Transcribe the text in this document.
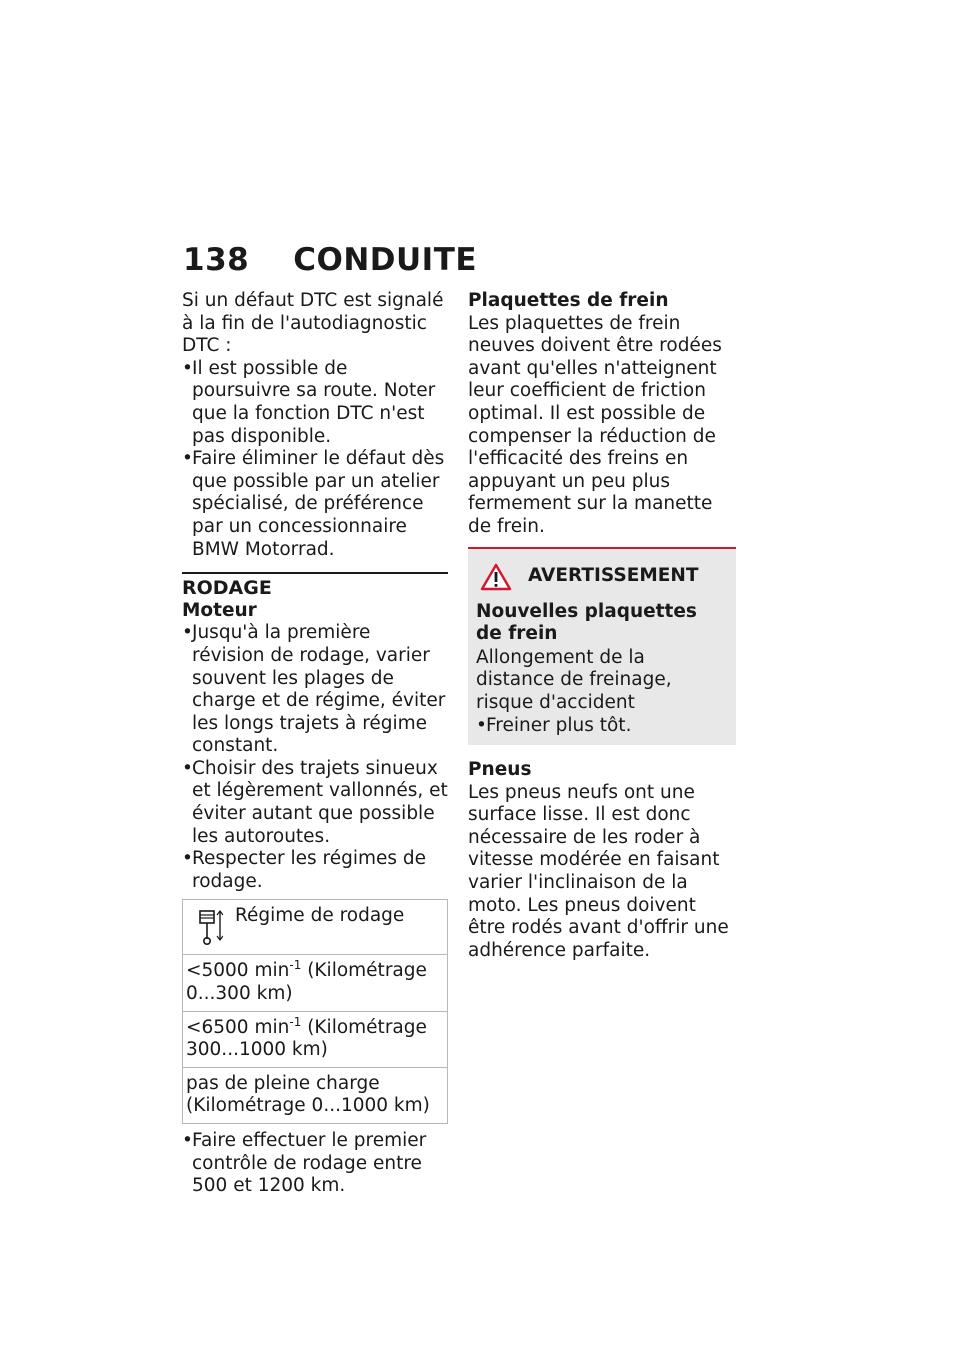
138 CONDUITE

Si un défaut DTC est signalé à la fin de l'autodiagnostic DTC :

• Il est possible de poursuivre sa route. Noter que la fonction DTC n'est pas disponible.
• Faire éliminer le défaut dès que possible par un atelier spécialisé, de préférence par un concessionnaire BMW Motorrad.
RODAGE

Moteur

• Jusqu'à la première révision de rodage, varier souvent les plages de charge et de régime, éviter les longs trajets à régime constant.
• Choisir des trajets sinueux et légèrement vallonnés, et éviter autant que possible les autoroutes.
• Respecter les régimes de rodage.
Régime de rodage
<5000 $\min^{-1}$ (Kilométrage 0...300 km)
<6500 $\min^{-1}$ (Kilométrage 300...1000 km)
pas de pleine charge (Kilométrage 0...1000 km)
• Faire effectuer le premier contrôle de rodage entre 500 et 1200 km.

Plaquettes de frein

Les plaquettes de frein neuves doivent être rodées avant qu'elles n'atteignent leur coefficient de friction optimal. Il est possible de compenser la réduction de l'efficacité des freins en appuyant un peu plus fermement sur la manette de frein.

AVERTISSEMENT

Nouvelles plaquettes de frein

Allongement de la distance de freinage, risque d'accident

• Freiner plus tôt.

Pneus

Les pneus neufs ont une surface lisse. Il est donc nécessaire de les roder à vitesse modérée en faisant varier l'inclinaison de la moto. Les pneus doivent être rodés avant d'offrir une adhérence parfaite.
